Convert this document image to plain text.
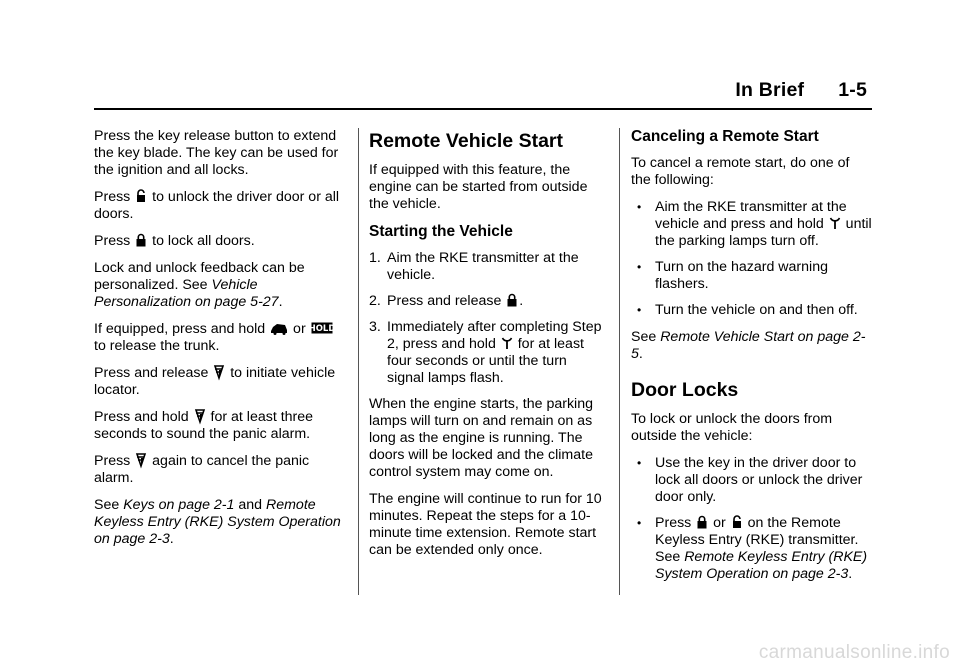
In Brief 1-5

Press the key release button to extend the key blade. The key can be used for the ignition and all locks.

Press
to unlock the driver door or all doors.

Press
to lock all doors.

Lock and unlock feedback can be personalized. See Vehicle Personalization on page 5-27.

If equipped, press and hold
or
HOLD
to release the trunk.

Press and release
to initiate vehicle locator.

Press and hold
for at least three seconds to sound the panic alarm.

Press
again to cancel the panic alarm.

See Keys on page 2-1 and Remote Keyless Entry (RKE) System Operation on page 2-3.

Remote Vehicle Start

If equipped with this feature, the engine can be started from outside the vehicle.

Starting the Vehicle
1. Aim the RKE transmitter at the vehicle.
2. Press and release
.
3. Immediately after completing Step 2, press and hold
for at least four seconds or until the turn signal lamps flash.

When the engine starts, the parking lamps will turn on and remain on as long as the engine is running. The doors will be locked and the climate control system may come on.

The engine will continue to run for 10 minutes. Repeat the steps for a 10-minute time extension. Remote start can be extended only once.

Canceling a Remote Start

To cancel a remote start, do one of the following:

• Aim the RKE transmitter at the vehicle and press and hold
until the parking lamps turn off.
• Turn on the hazard warning flashers.
• Turn the vehicle on and then off.

See Remote Vehicle Start on page 2-5.

Door Locks

To lock or unlock the doors from outside the vehicle:

• Use the key in the driver door to lock all doors or unlock the driver door only.
• Press
or
on the Remote Keyless Entry (RKE) transmitter. See Remote Keyless Entry (RKE) System Operation on page 2-3.
carmanualsonline.info
